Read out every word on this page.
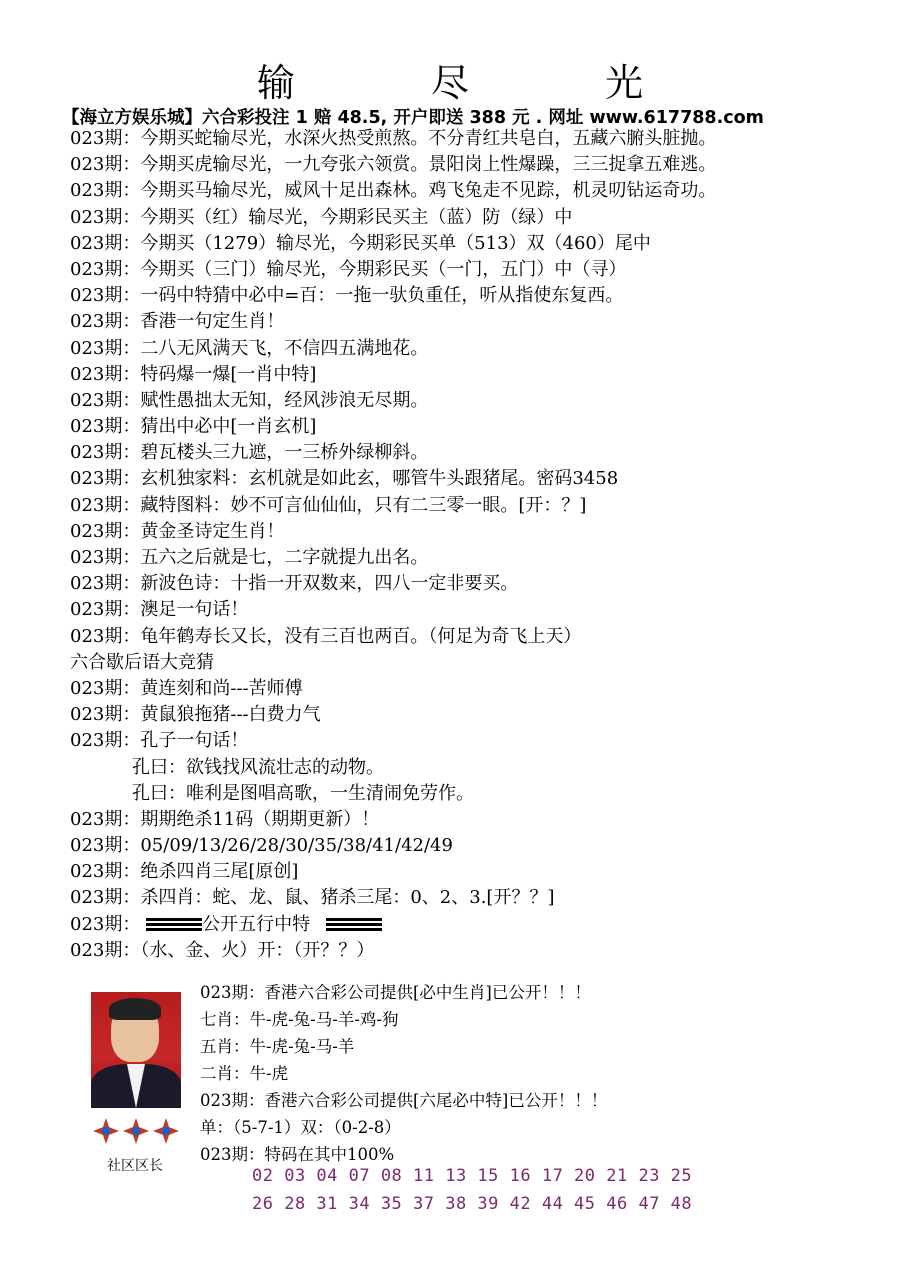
输 尽 光
【海立方娱乐城】六合彩投注 1 赔 48.5, 开户即送 388 元 . 网址 www.617788.com
023期：今期买蛇输尽光，水深火热受煎熬。不分青红共皂白，五藏六腑头脏抛。
023期：今期买虎输尽光，一九夸张六领赏。景阳岗上性爆躁，三三捉拿五难逃。
023期：今期买马输尽光，威风十足出森林。鸡飞兔走不见踪，机灵叨钻运奇功。
023期：今期买（红）输尽光，今期彩民买主（蓝）防（绿）中
023期：今期买（1279）输尽光，今期彩民买单（513）双（460）尾中
023期：今期买（三门）输尽光，今期彩民买（一门，五门）中（寻）
023期：一码中特猜中必中=百：一拖一驮负重任，听从指使东复西。
023期：香港一句定生肖！
023期：二八无风满天飞，不信四五满地花。
023期：特码爆一爆[一肖中特]
023期：赋性愚拙太无知，经风涉浪无尽期。
023期：猜出中必中[一肖玄机]
023期：碧瓦楼头三九遮，一三桥外绿柳斜。
023期：玄机独家料：玄机就是如此玄，哪管牛头跟猪尾。密码3458
023期：藏特图料：妙不可言仙仙仙，只有二三零一眼。[开：？]
023期：黄金圣诗定生肖！
023期：五六之后就是七，二字就提九出名。
023期：新波色诗：十指一开双数来，四八一定非要买。
023期：澳足一句话！
023期：龟年鹤寿长又长，没有三百也两百。（何足为奇飞上天）
六合歇后语大竞猜
023期：黄连刻和尚---苦师傅
023期：黄鼠狼拖猪---白费力气
023期：孔子一句话！
孔曰：欲钱找风流壮志的动物。
孔曰：唯利是图唱高歌，一生清闹免劳作。
023期：期期绝杀11码（期期更新）！
023期：05/09/13/26/28/30/35/38/41/42/49
023期：绝杀四肖三尾[原创]
023期：杀四肖：蛇、龙、鼠、猪杀三尾：0、2、3.[开？？]
023期：	公开五行中特
023期：（水、金、火）开：（开？？）
社区区长
023期：香港六合彩公司提供[必中生肖]已公开！！！
七肖：牛-虎-兔-马-羊-鸡-狗
五肖：牛-虎-兔-马-羊
二肖：牛-虎
023期：香港六合彩公司提供[六尾必中特]已公开！！！
单：（5-7-1）双：（0-2-8）
023期：特码在其中100%
02 03 04 07 08 11 13 15 16 17 20 21 23 25
26 28 31 34 35 37 38 39 42 44 45 46 47 48
